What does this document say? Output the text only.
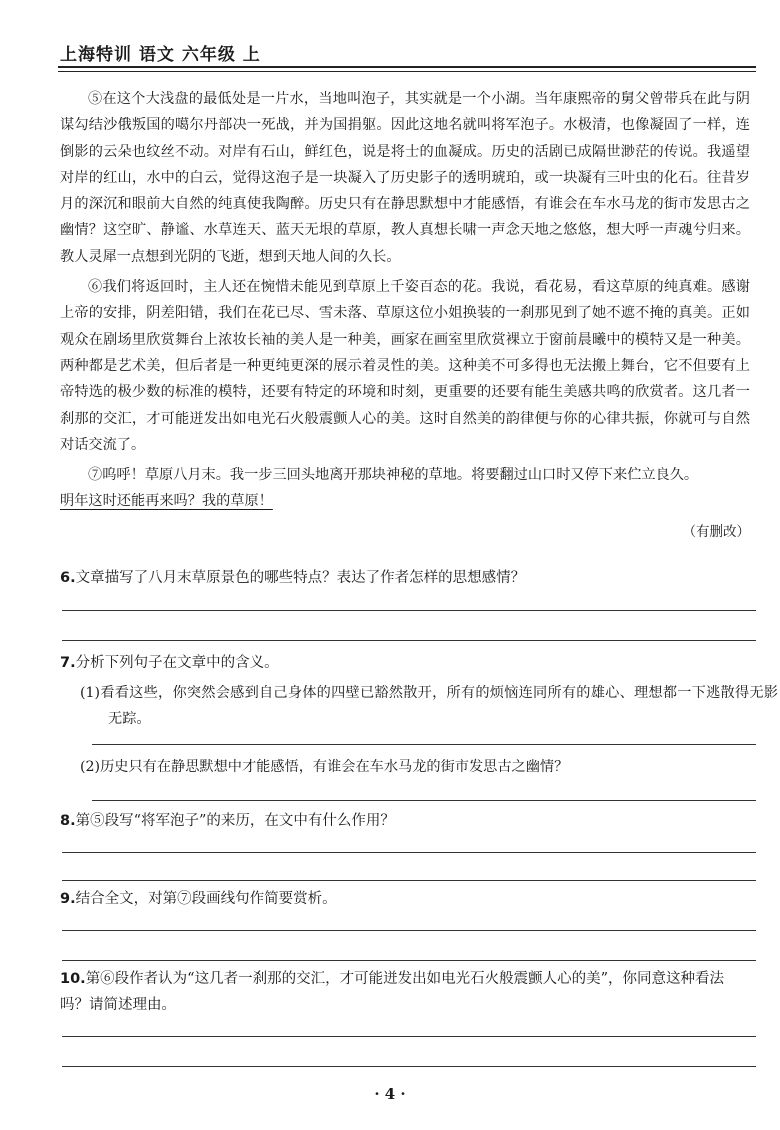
上海特训 语文 六年级 上

⑤在这个大浅盘的最低处是一片水，当地叫泡子，其实就是一个小湖。当年康熙帝的舅父曾带兵在此与阴谋勾结沙俄叛国的噶尔丹部决一死战，并为国捐躯。因此这地名就叫将军泡子。水极清，也像凝固了一样，连倒影的云朵也纹丝不动。对岸有石山，鲜红色，说是将士的血凝成。历史的活剧已成隔世渺茫的传说。我遥望对岸的红山，水中的白云，觉得这泡子是一块凝入了历史影子的透明琥珀，或一块凝有三叶虫的化石。往昔岁月的深沉和眼前大自然的纯真使我陶醉。历史只有在静思默想中才能感悟，有谁会在车水马龙的街市发思古之幽情？这空旷、静谧、水草连天、蓝天无垠的草原，教人真想长啸一声念天地之悠悠，想大呼一声魂兮归来。教人灵犀一点想到光阴的飞逝，想到天地人间的久长。

⑥我们将返回时，主人还在惋惜未能见到草原上千姿百态的花。我说，看花易，看这草原的纯真难。感谢上帝的安排，阴差阳错，我们在花已尽、雪未落、草原这位小姐换装的一刹那见到了她不遮不掩的真美。正如观众在剧场里欣赏舞台上浓妆长袖的美人是一种美，画家在画室里欣赏裸立于窗前晨曦中的模特又是一种美。两种都是艺术美，但后者是一种更纯更深的展示着灵性的美。这种美不可多得也无法搬上舞台，它不但要有上帝特选的极少数的标准的模特，还要有特定的环境和时刻，更重要的还要有能生美感共鸣的欣赏者。这几者一刹那的交汇，才可能迸发出如电光石火般震颤人心的美。这时自然美的韵律便与你的心律共振，你就可与自然对话交流了。

⑦呜呼！草原八月末。我一步三回头地离开那块神秘的草地。将要翻过山口时又停下来伫立良久。

明年这时还能再来吗？我的草原！

（有删改）
6.文章描写了八月末草原景色的哪些特点？表达了作者怎样的思想感情？
7.分析下列句子在文章中的含义。
(1)看看这些，你突然会感到自己身体的四壁已豁然散开，所有的烦恼连同所有的雄心、理想都一下逃散得无影无踪。
(2)历史只有在静思默想中才能感悟，有谁会在车水马龙的街市发思古之幽情？
8.第⑤段写“将军泡子”的来历，在文中有什么作用？
9.结合全文，对第⑦段画线句作简要赏析。
10.第⑥段作者认为“这几者一刹那的交汇，才可能迸发出如电光石火般震颤人心的美”，你同意这种看法吗？请简述理由。
· 4 ·
